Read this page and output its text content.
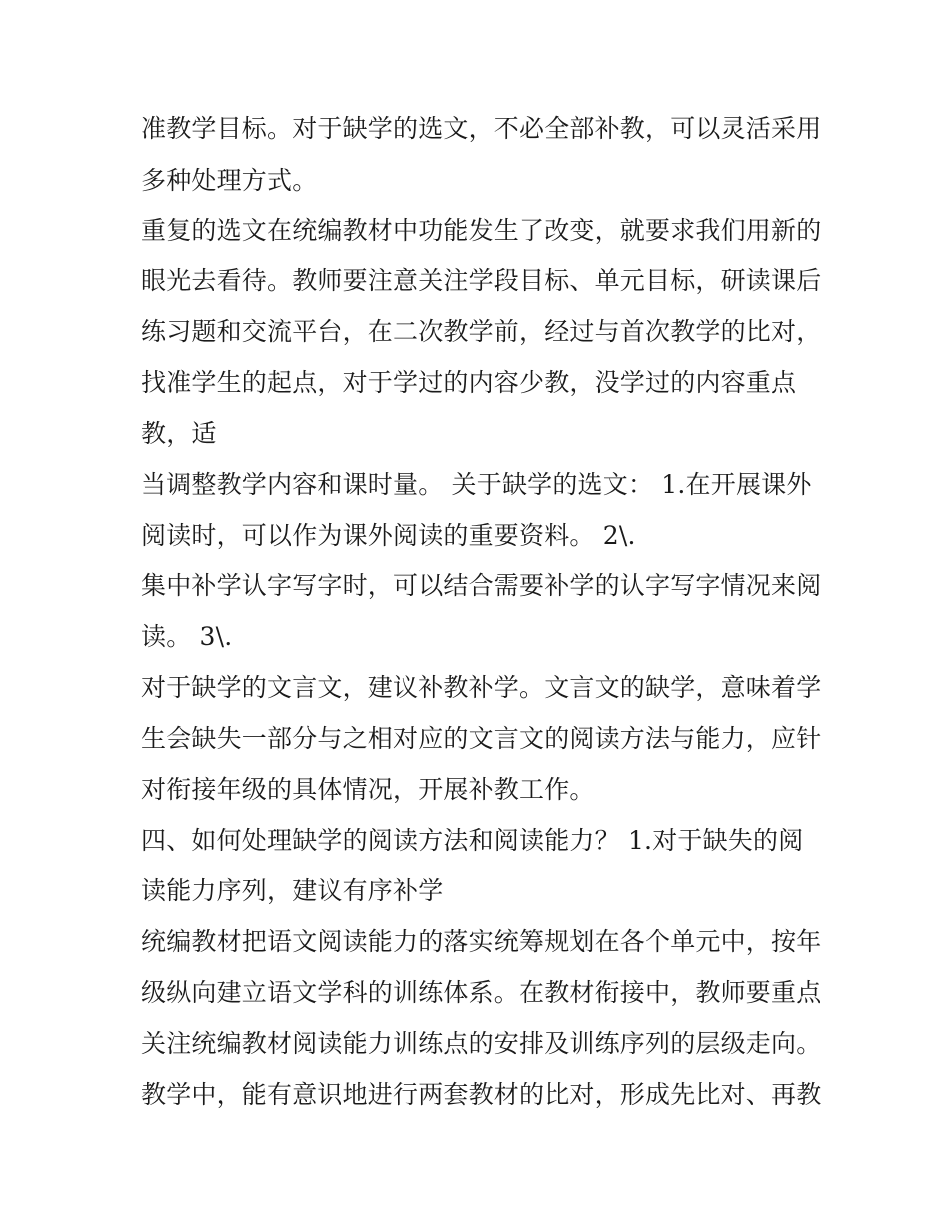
准教学目标。对于缺学的选文，不必全部补教，可以灵活采用
多种处理方式。
重复的选文在统编教材中功能发生了改变，就要求我们用新的
眼光去看待。教师要注意关注学段目标、单元目标，研读课后
练习题和交流平台，在二次教学前，经过与首次教学的比对，
找准学生的起点，对于学过的内容少教，没学过的内容重点
教，适
当调整教学内容和课时量。 关于缺学的选文： 1.在开展课外
阅读时，可以作为课外阅读的重要资料。 2\.
集中补学认字写字时，可以结合需要补学的认字写字情况来阅
读。 3\.
对于缺学的文言文，建议补教补学。文言文的缺学，意味着学
生会缺失一部分与之相对应的文言文的阅读方法与能力，应针
对衔接年级的具体情况，开展补教工作。
四、如何处理缺学的阅读方法和阅读能力？ 1.对于缺失的阅
读能力序列，建议有序补学
统编教材把语文阅读能力的落实统筹规划在各个单元中，按年
级纵向建立语文学科的训练体系。在教材衔接中，教师要重点
关注统编教材阅读能力训练点的安排及训练序列的层级走向。
教学中，能有意识地进行两套教材的比对，形成先比对、再教
